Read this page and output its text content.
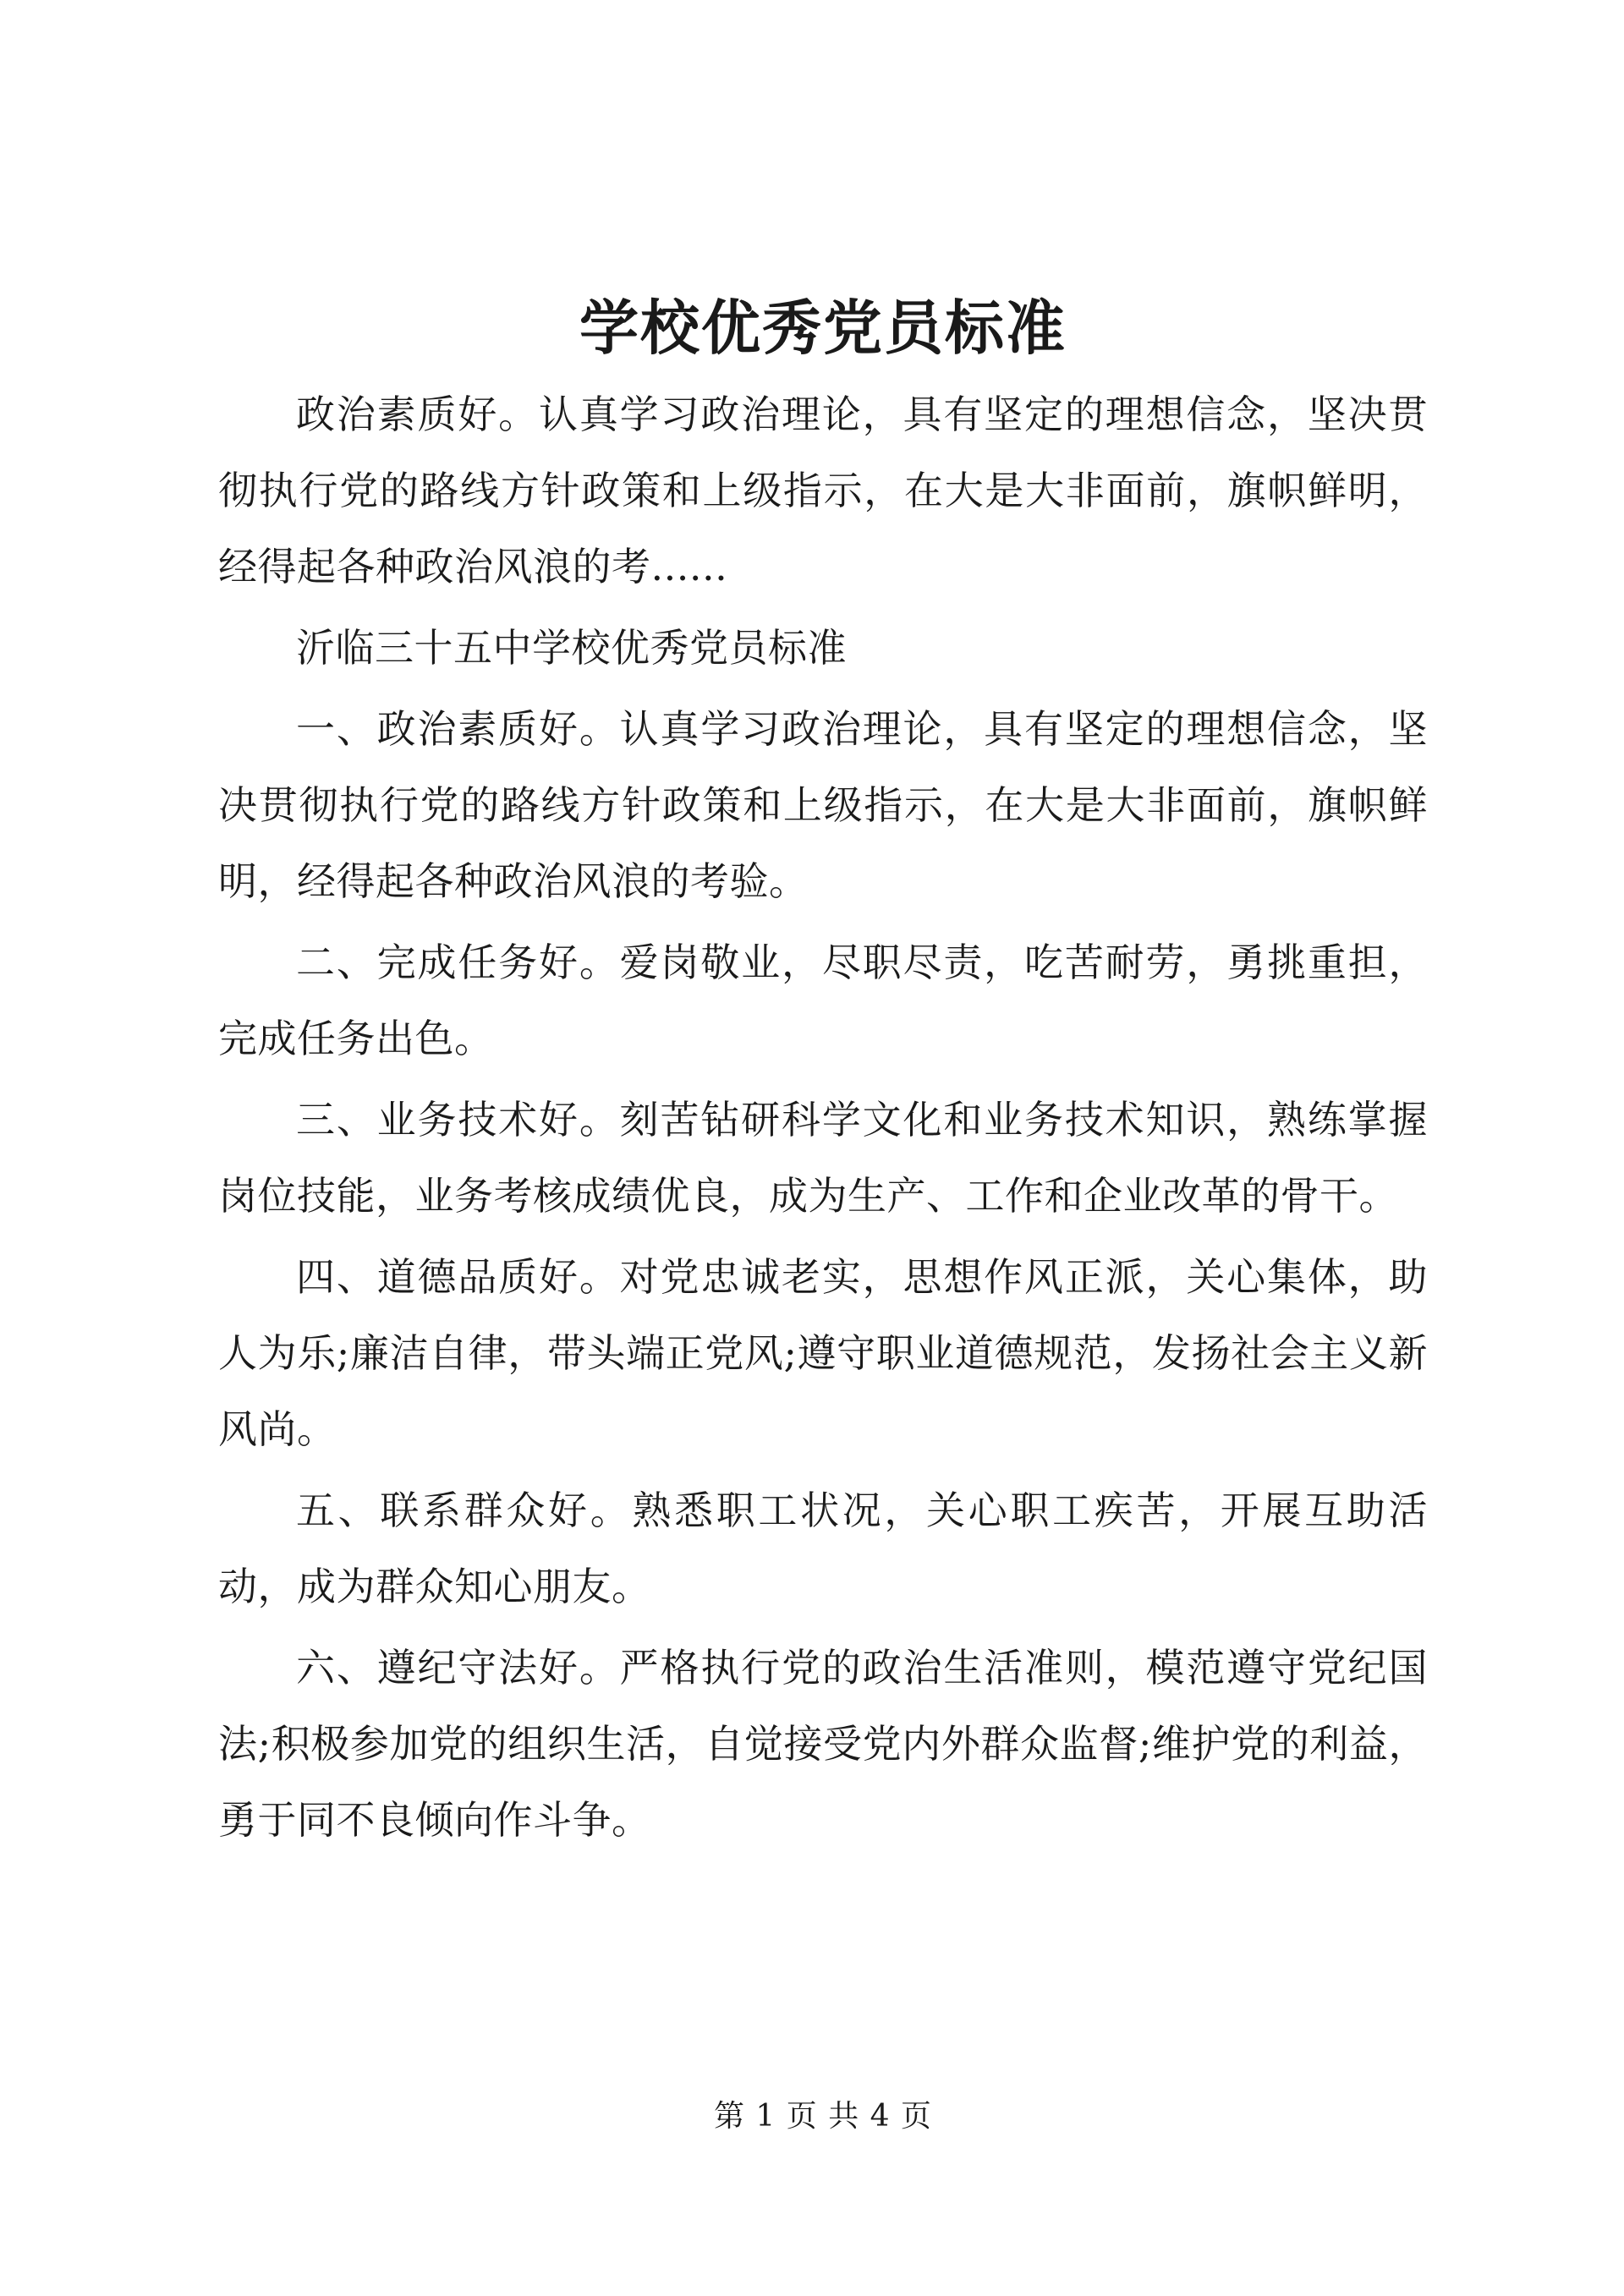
学校优秀党员标准

政治素质好。认真学习政治理论，具有坚定的理想信念，坚决贯彻执行党的路线方针政策和上级指示，在大是大非面前，旗帜鲜明，经得起各种政治风浪的考......

沂临三十五中学校优秀党员标准

一、政治素质好。认真学习政治理论，具有坚定的理想信念，坚决贯彻执行党的路线方针政策和上级指示，在大是大非面前，旗帜鲜明，经得起各种政治风浪的考验。

二、完成任务好。爱岗敬业，尽职尽责，吃苦耐劳，勇挑重担，完成任务出色。

三、业务技术好。刻苦钻研科学文化和业务技术知识，熟练掌握岗位技能，业务考核成绩优良，成为生产、工作和企业改革的骨干。

四、道德品质好。对党忠诚老实，思想作风正派，关心集体，助人为乐;廉洁自律，带头端正党风;遵守职业道德规范，发扬社会主义新风尚。

五、联系群众好。熟悉职工状况，关心职工疾苦，开展互助活动，成为群众知心朋友。

六、遵纪守法好。严格执行党的政治生活准则，模范遵守党纪国法;积极参加党的组织生活，自觉接受党内外群众监督;维护党的利益，勇于同不良倾向作斗争。

第 1 页 共 4 页
